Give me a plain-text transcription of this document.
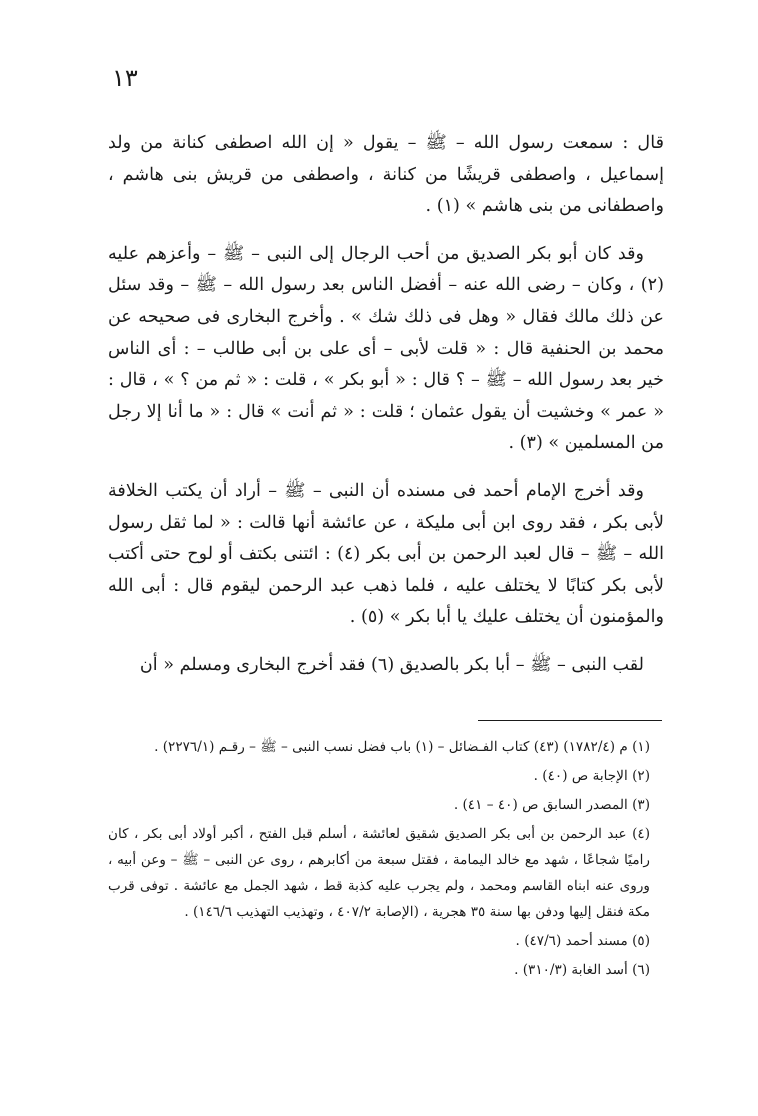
١٣

قال : سمعت رسول الله – ﷺ – يقول « إن الله اصطفى كنانة من ولد إسماعيل ، واصطفى قريشًا من كنانة ، واصطفى من قريش بنى هاشم ، واصطفانى من بنى هاشم » (١) .

وقد كان أبو بكر الصديق من أحب الرجال إلى النبى – ﷺ – وأعزهم عليه (٢) ، وكان – رضى الله عنه – أفضل الناس بعد رسول الله – ﷺ – وقد سئل عن ذلك مالك فقال « وهل فى ذلك شك » . وأخرج البخارى فى صحيحه عن محمد بن الحنفية قال : « قلت لأبى – أى على بن أبى طالب – : أى الناس خير بعد رسول الله – ﷺ – ؟ قال : « أبو بكر » ، قلت : « ثم من ؟ » ، قال : « عمر » وخشيت أن يقول عثمان ؛ قلت : « ثم أنت » قال : « ما أنا إلا رجل من المسلمين » (٣) .

وقد أخرج الإمام أحمد فى مسنده أن النبى – ﷺ – أراد أن يكتب الخلافة لأبى بكر ، فقد روى ابن أبى مليكة ، عن عائشة أنها قالت : « لما ثقل رسول الله – ﷺ – قال لعبد الرحمن بن أبى بكر (٤) : ائتنى بكتف أو لوح حتى أكتب لأبى بكر كتابًا لا يختلف عليه ، فلما ذهب عبد الرحمن ليقوم قال : أبى الله والمؤمنون أن يختلف عليك يا أبا بكر » (٥) .

لقب النبى – ﷺ – أبا بكر بالصديق (٦) فقد أخرج البخارى ومسلم « أن

(١) م (١٧٨٢/٤) (٤٣) كتاب الفـضائل – (١) باب فضل نسب النبى – ﷺ – رقـم (٢٢٧٦/١) .
(٢) الإجابة ص (٤٠) .
(٣) المصدر السابق ص (٤٠ – ٤١) .
(٤) عبد الرحمن بن أبى بكر الصديق شقيق لعائشة ، أسلم قبل الفتح ، أكبر أولاد أبى بكر ، كان راميًا شجاعًا ، شهد مع خالد اليمامة ، فقتل سبعة من أكابرهم ، روى عن النبى – ﷺ – وعن أبيه ، وروى عنه ابناه القاسم ومحمد ، ولم يجرب عليه كذبة قط ، شهد الجمل مع عائشة . توفى قرب مكة فنقل إليها ودفن بها سنة ٣٥ هجرية ، (الإصابة ٤٠٧/٢ ، وتهذيب التهذيب ١٤٦/٦) .
(٥) مسند أحمد (٤٧/٦) .
(٦) أسد الغابة (٣١٠/٣) .
